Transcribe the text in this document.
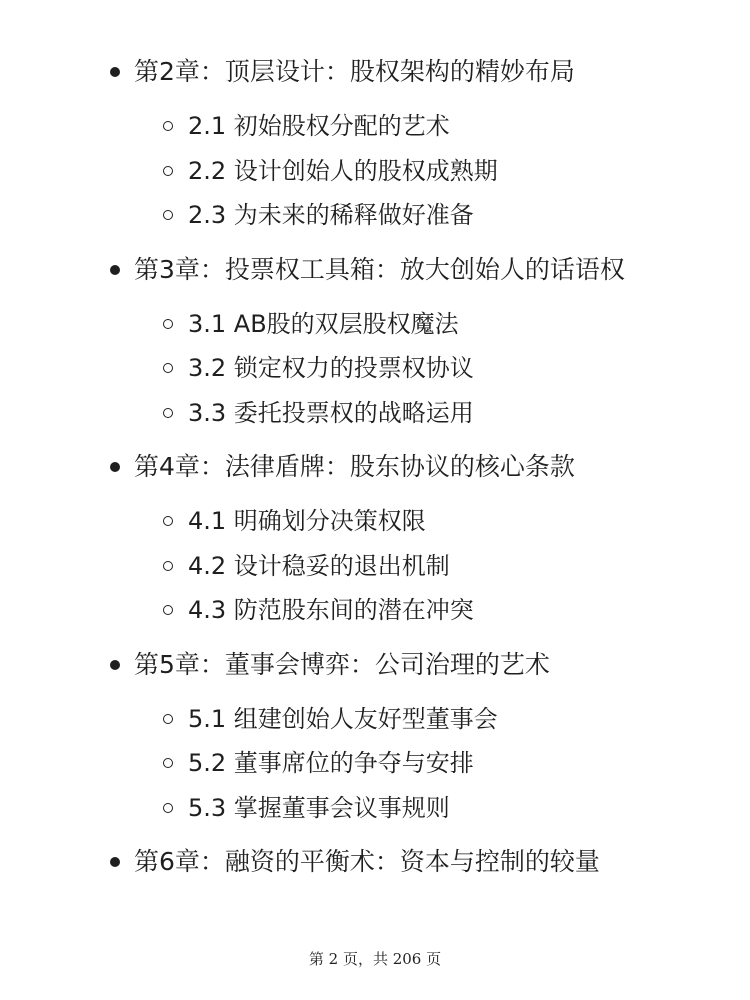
第2章：顶层设计：股权架构的精妙布局
2.1 初始股权分配的艺术
2.2 设计创始人的股权成熟期
2.3 为未来的稀释做好准备
第3章：投票权工具箱：放大创始人的话语权
3.1 AB股的双层股权魔法
3.2 锁定权力的投票权协议
3.3 委托投票权的战略运用
第4章：法律盾牌：股东协议的核心条款
4.1 明确划分决策权限
4.2 设计稳妥的退出机制
4.3 防范股东间的潜在冲突
第5章：董事会博弈：公司治理的艺术
5.1 组建创始人友好型董事会
5.2 董事席位的争夺与安排
5.3 掌握董事会议事规则
第6章：融资的平衡术：资本与控制的较量
第 2 页，共 206 页
